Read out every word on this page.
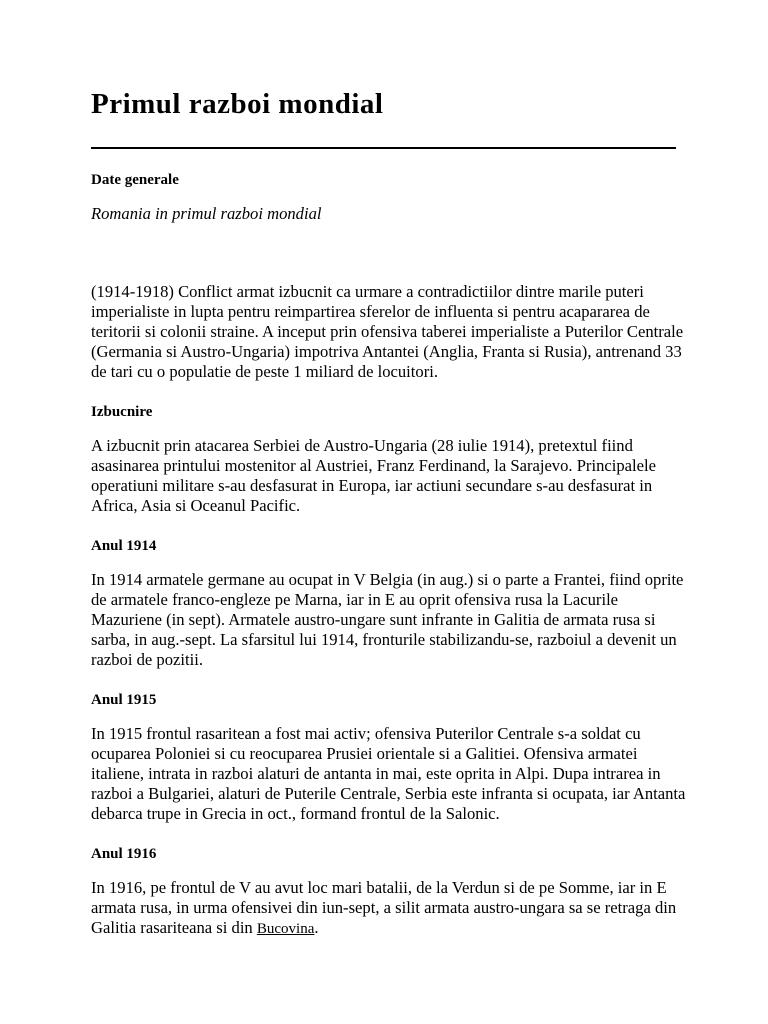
Primul razboi mondial

Date generale

Romania in primul razboi mondial

(1914-1918) Conflict armat izbucnit ca urmare a contradictiilor dintre marile puteri imperialiste in lupta pentru reimpartirea sferelor de influenta si pentru acapararea de teritorii si colonii straine. A inceput prin ofensiva taberei imperialiste a Puterilor Centrale (Germania si Austro-Ungaria) impotriva Antantei (Anglia, Franta si Rusia), antrenand 33 de tari cu o populatie de peste 1 miliard de locuitori.

Izbucnire

A izbucnit prin atacarea Serbiei de Austro-Ungaria (28 iulie 1914), pretextul fiind asasinarea printului mostenitor al Austriei, Franz Ferdinand, la Sarajevo. Principalele operatiuni militare s-au desfasurat in Europa, iar actiuni secundare s-au desfasurat in Africa, Asia si Oceanul Pacific.

Anul 1914

In 1914 armatele germane au ocupat in V Belgia (in aug.) si o parte a Frantei, fiind oprite de armatele franco-engleze pe Marna, iar in E au oprit ofensiva rusa la Lacurile Mazuriene (in sept). Armatele austro-ungare sunt infrante in Galitia de armata rusa si sarba, in aug.-sept. La sfarsitul lui 1914, fronturile stabilizandu-se, razboiul a devenit un razboi de pozitii.

Anul 1915

In 1915 frontul rasaritean a fost mai activ; ofensiva Puterilor Centrale s-a soldat cu ocuparea Poloniei si cu reocuparea Prusiei orientale si a Galitiei. Ofensiva armatei italiene, intrata in razboi alaturi de antanta in mai, este oprita in Alpi. Dupa intrarea in razboi a Bulgariei, alaturi de Puterile Centrale, Serbia este infranta si ocupata, iar Antanta debarca trupe in Grecia in oct., formand frontul de la Salonic.

Anul 1916

In 1916, pe frontul de V au avut loc mari batalii, de la Verdun si de pe Somme, iar in E armata rusa, in urma ofensivei din iun-sept, a silit armata austro-ungara sa se retraga din Galitia rasariteana si din Bucovina.
